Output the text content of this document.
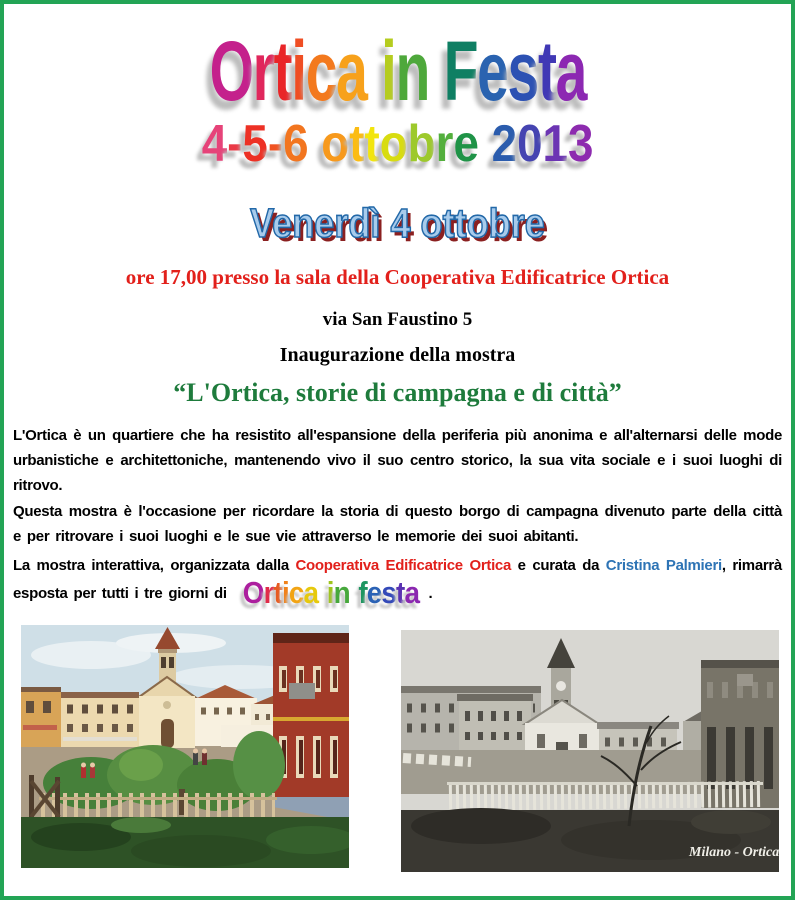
Ortica in Festa
4-5-6 ottobre 2013
Venerdì 4 ottobre
ore 17,00 presso la sala della Cooperativa Edificatrice Ortica
via San Faustino 5
Inaugurazione della mostra
“L'Ortica, storie di campagna e di città”

L'Ortica è un quartiere che ha resistito all'espansione della periferia più anonima e all'alternarsi delle mode urbanistiche e architettoniche, mantenendo vivo il suo centro storico, la sua vita sociale e i suoi luoghi di ritrovo.

Questa mostra è l'occasione per ricordare la storia di questo borgo di campagna divenuto parte della città e per ritrovare i suoi luoghi e le sue vie attraverso le memorie dei suoi abitanti.

La mostra interattiva, organizzata dalla Cooperativa Edificatrice Ortica e curata da Cristina Palmieri, rimarrà esposta per tutti i tre giorni di Ortica in festa .

Milano - Ortica
